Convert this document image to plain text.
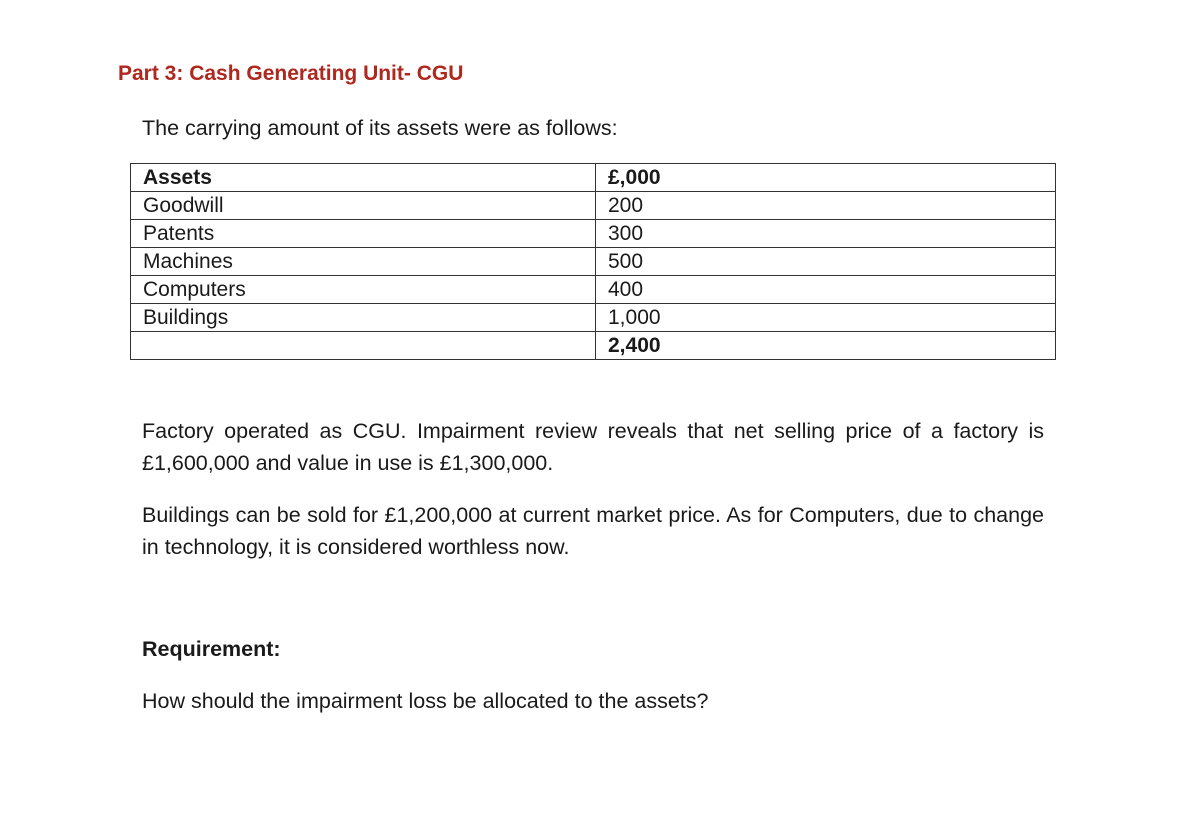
Part 3: Cash Generating Unit- CGU

The carrying amount of its assets were as follows:

Assets	£,000
Goodwill	200
Patents	300
Machines	500
Computers	400
Buildings	1,000
	2,400

Factory operated as CGU. Impairment review reveals that net selling price of a factory is £1,600,000 and value in use is £1,300,000.

Buildings can be sold for £1,200,000 at current market price. As for Computers, due to change in technology, it is considered worthless now.

Requirement:

How should the impairment loss be allocated to the assets?
